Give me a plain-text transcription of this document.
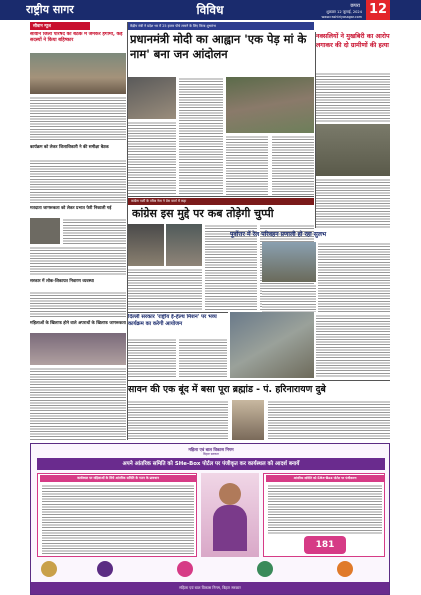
राष्ट्रीय सागर	विविध	छपरा
शुक्रवार 12 जुलाई, 2024
www.rashtriyasagar.com 12
सीवान न्यूज
सीवान जिला परिषद की बैठक में जमकर हंगामा, कई सदस्यों ने किया बहिष्कार
कार्यक्रम को लेकर जिलाधिकारी ने की समीक्षा बैठक
मतदाता जागरूकता को लेकर प्रभात फेरी निकाली गई
सरकार में लोक-शिकायत निवारण व्यवस्था
केंद्रीय मंत्री ने प्रदेश भर में 25 हजार पौधे लगाने के लिए किया शुभारंभ
प्रधानमंत्री मोदी का आह्वान 'एक पेड़ मां के नाम' बना जन आंदोलन
कांग्रेस पार्टी के वरिष्ठ नेता ने प्रेस वार्ता में कहा
कांग्रेस इस मुद्दे पर कब तोड़ेगी चुप्पी
दिल्ली सरकार 'राष्ट्रीय ई-हेल्थ मिशन' पर भव्य कार्यक्रम का करेगी आयोजन
सावन की एक बूंद में बसा पूरा ब्रह्मांड - पं. हरिनारायण दुबे
नक्सलियों ने मुखबिरी का आरोप लगाकर की दो ग्रामीणों की हत्या
पूर्वोत्तर में रेल परिवहन प्रणाली हो रहा सुलभ
महिलाओं के खिलाफ होने वाले अपराधों के खिलाफ जागरूकता
महिला एवं बाल विकास निगम
बिहार सरकार
अपने आंतरिक समिति को SHe-Box पोर्टल पर पंजीकृत कर कार्यस्थल को आदर्श बनायें
कार्यस्थल पर महिलाओं के लिये आंतरिक समिति के गठन के प्रावधान	आंतरिक समिति को SHe-Box पोर्टल पर पंजीकरण
181
महिला एवं बाल विकास निगम, बिहार सरकार
